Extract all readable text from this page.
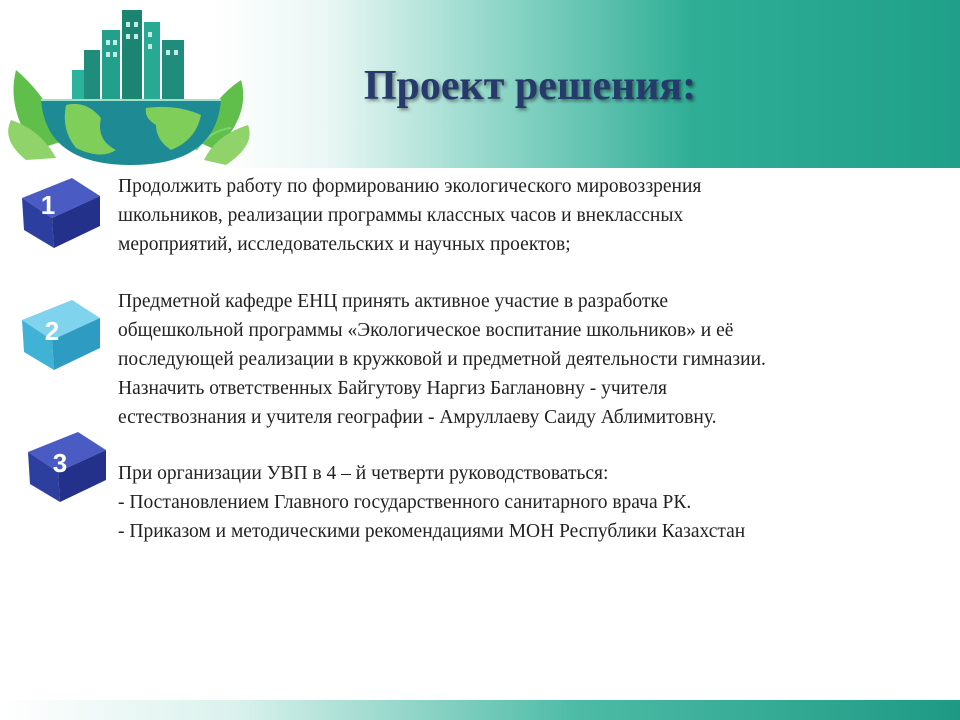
Проект решения:
1
2
3
Продолжить работу по формированию экологического мировоззрения
школьников, реализации программы классных часов и внеклассных
мероприятий, исследовательских и научных проектов;
Предметной кафедре ЕНЦ принять активное участие в разработке
общешкольной программы «Экологическое воспитание школьников» и её
последующей реализации в кружковой и предметной деятельности гимназии.
Назначить ответственных Байгутову Наргиз Баглановну - учителя
естествознания и учителя географии - Амруллаеву Саиду Аблимитовну.
При организации УВП в 4 – й четверти руководствоваться:
- Постановлением Главного государственного санитарного врача РК.
- Приказом и методическими рекомендациями МОН Республики Казахстан
